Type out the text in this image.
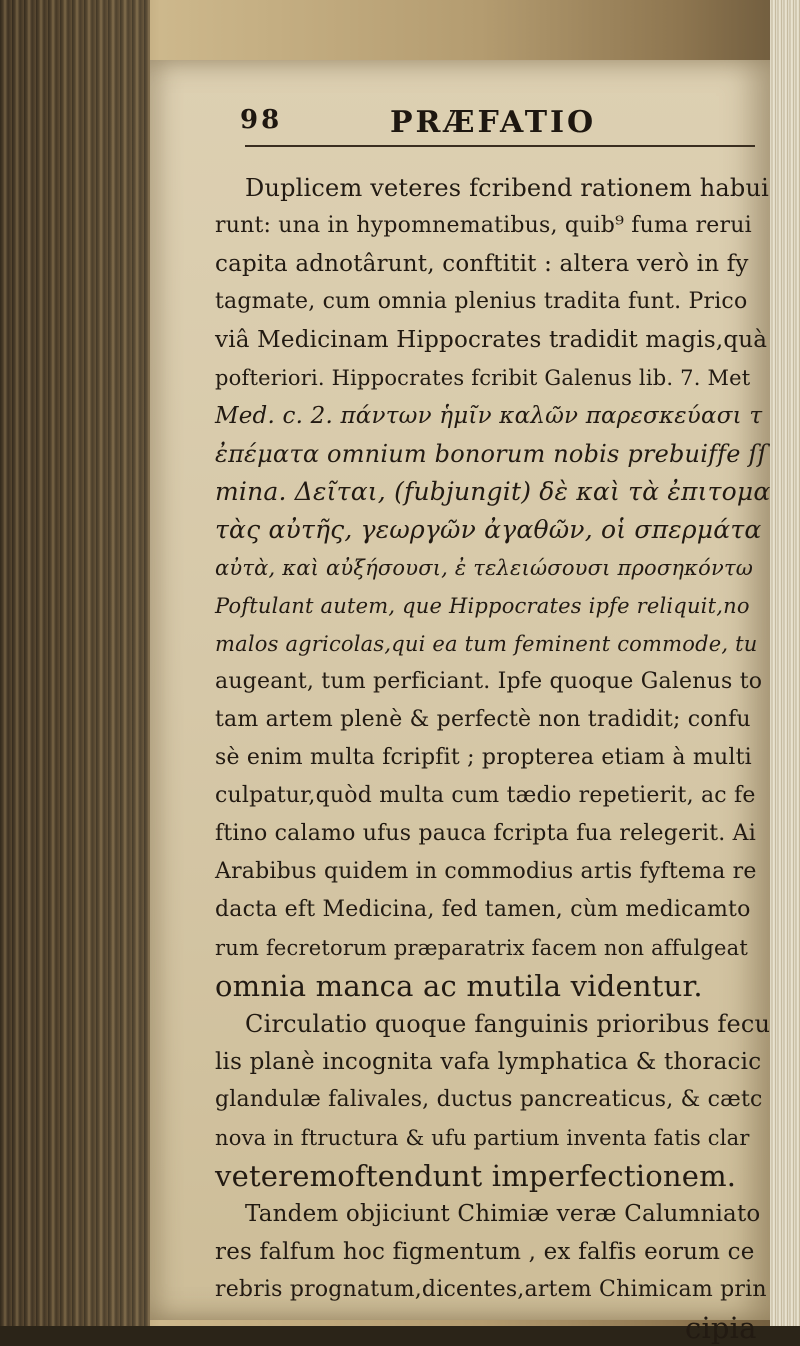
98	PRÆFATIO
Duplicem veteres fcribend rationem habui
runt: una in hypomnematibus, quib⁹ fuma rerui
capita adnotârunt, conftitit : altera verò in fy
tagmate, cum omnia plenius tradita funt. Prico
viâ Medicinam Hippocrates tradidit magis,quà
pofteriori. Hippocrates fcribit Galenus lib. 7. Met
Med. c. 2. πάντων ἡμῖν καλῶν παρεσκεύασι τ
ἐπέματα omnium bonorum nobis prebuiffe ſſ
mina. Δεῖται, (fubjungit) δὲ καὶ τὰ ἐπιτομα
τὰς αὐτῆς, γεωργῶν ἀγαθῶν, οἱ σπερμάτα
αὐτὰ, καὶ αὐξήσουσι, ἐ τελειώσουσι προσηκόντω
Poftulant autem, que Hippocrates ipfe reliquit,no
malos agricolas,qui ea tum feminent commode, tu
augeant, tum perficiant. Ipfe quoque Galenus to
tam artem plenè & perfectè non tradidit; confu
sè enim multa fcripfit ; propterea etiam à multi
culpatur,quòd multa cum tædio repetierit, ac fe
ftino calamo ufus pauca fcripta fua relegerit. Ai
Arabibus quidem in commodius artis fyftema re
dacta eft Medicina, fed tamen, cùm medicamto
rum fecretorum præparatrix facem non affulgeat
omnia manca ac mutila videntur.
Circulatio quoque fanguinis prioribus fecu
lis planè incognita vafa lymphatica & thoracic
glandulæ falivales, ductus pancreaticus, & cætc
nova in ftructura & ufu partium inventa fatis clar
veteremoftendunt imperfectionem.
Tandem objiciunt Chimiæ veræ Calumniato
res falfum hoc figmentum , ex falfis eorum ce
rebris prognatum,dicentes,artem Chimicam prin
cipia
